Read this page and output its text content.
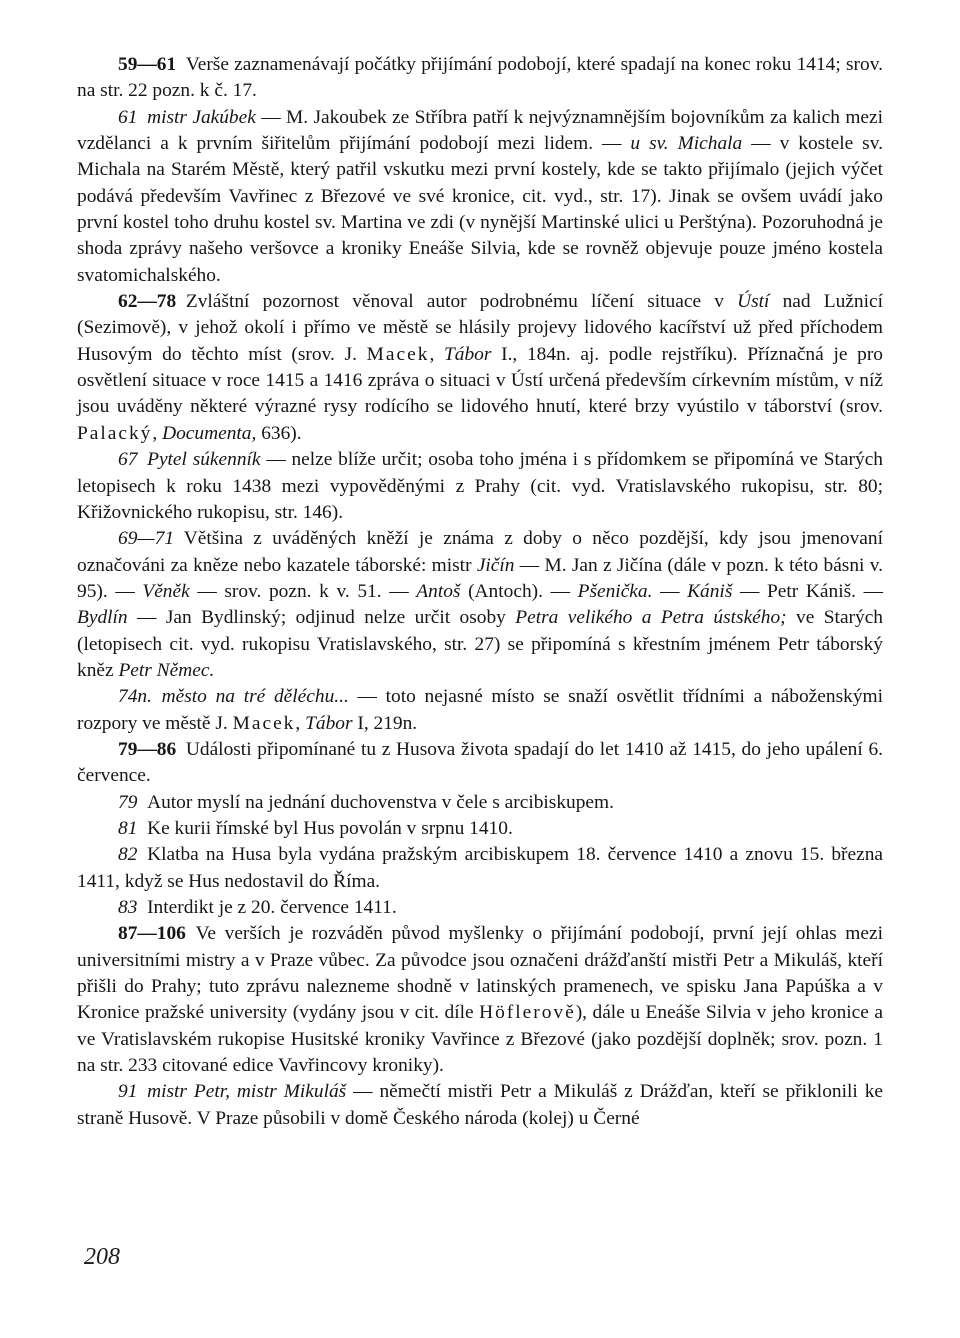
59—61  Verše zaznamenávají počátky přijímání podobojí, které spadají na konec roku 1414; srov. na str. 22 pozn. k č. 17.

61  mistr Jakúbek — M. Jakoubek ze Stříbra patří k nejvýznamnějším bojovníkům za kalich mezi vzdělanci a k prvním šiřitelům přijímání podobojí mezi lidem. — u sv. Michala — v kostele sv. Michala na Starém Městě, který patřil vskutku mezi první kostely, kde se takto přijímalo (jejich výčet podává především Vavřinec z Březové ve své kronice, cit. vyd., str. 17). Jinak se ovšem uvádí jako první kostel toho druhu kostel sv. Martina ve zdi (v nynější Martinské ulici u Perštýna). Pozoruhodná je shoda zprávy našeho veršovce a kroniky Eneáše Silvia, kde se rovněž objevuje pouze jméno kostela svatomichalského.

62—78  Zvláštní pozornost věnoval autor podrobnému líčení situace v Ústí nad Lužnicí (Sezimově), v jehož okolí i přímo ve městě se hlásily projevy lidového kacířství už před příchodem Husovým do těchto míst (srov. J. Macek, Tábor I., 184n. aj. podle rejstříku). Příznačná je pro osvětlení situace v roce 1415 a 1416 zpráva o situaci v Ústí určená především církevním místům, v níž jsou uváděny některé výrazné rysy rodícího se lidového hnutí, které brzy vyústilo v táborství (srov. Palacký, Documenta, 636).

67  Pytel súkenník — nelze blíže určit; osoba toho jména i s přídomkem se připomíná ve Starých letopisech k roku 1438 mezi vypověděnými z Prahy (cit. vyd. Vratislavského rukopisu, str. 80; Křižovnického rukopisu, str. 146).

69—71  Většina z uváděných kněží je známa z doby o něco pozdější, kdy jsou jmenovaní označováni za kněze nebo kazatele táborské: mistr Jičín — M. Jan z Jičína (dále v pozn. k této básni v. 95). — Věněk — srov. pozn. k v. 51. — Antoš (Antoch). — Pšenička. — Kániš — Petr Kániš. — Bydlín — Jan Bydlinský; odjinud nelze určit osoby Petra velikého a Petra ústského; ve Starých (letopisech cit. vyd. rukopisu Vratislavského, str. 27) se připomíná s křestním jménem Petr táborský kněz Petr Němec.

74n.  město na tré děléchu... — toto nejasné místo se snaží osvětlit třídními a náboženskými rozpory ve městě J. Macek, Tábor I, 219n.

79—86  Události připomínané tu z Husova života spadají do let 1410 až 1415, do jeho upálení 6. července.

79  Autor myslí na jednání duchovenstva v čele s arcibiskupem.

81  Ke kurii římské byl Hus povolán v srpnu 1410.

82  Klatba na Husa byla vydána pražským arcibiskupem 18. července 1410 a znovu 15. března 1411, když se Hus nedostavil do Říma.

83  Interdikt je z 20. července 1411.

87—106  Ve verších je rozváděn původ myšlenky o přijímání podobojí, první její ohlas mezi universitními mistry a v Praze vůbec. Za původce jsou označeni drážďanští mistři Petr a Mikuláš, kteří přišli do Prahy; tuto zprávu nalezneme shodně v latinských pramenech, ve spisku Jana Papúška a v Kronice pražské university (vydány jsou v cit. díle Höflerově), dále u Eneáše Silvia v jeho kronice a ve Vratislavském rukopise Husitské kroniky Vavřince z Březové (jako pozdější doplněk; srov. pozn. 1 na str. 233 citované edice Vavřincovy kroniky).

91  mistr Petr, mistr Mikuláš — němečtí mistři Petr a Mikuláš z Drážďan, kteří se přiklonili ke straně Husově. V Praze působili v domě Českého národa (kolej) u Černé

208
